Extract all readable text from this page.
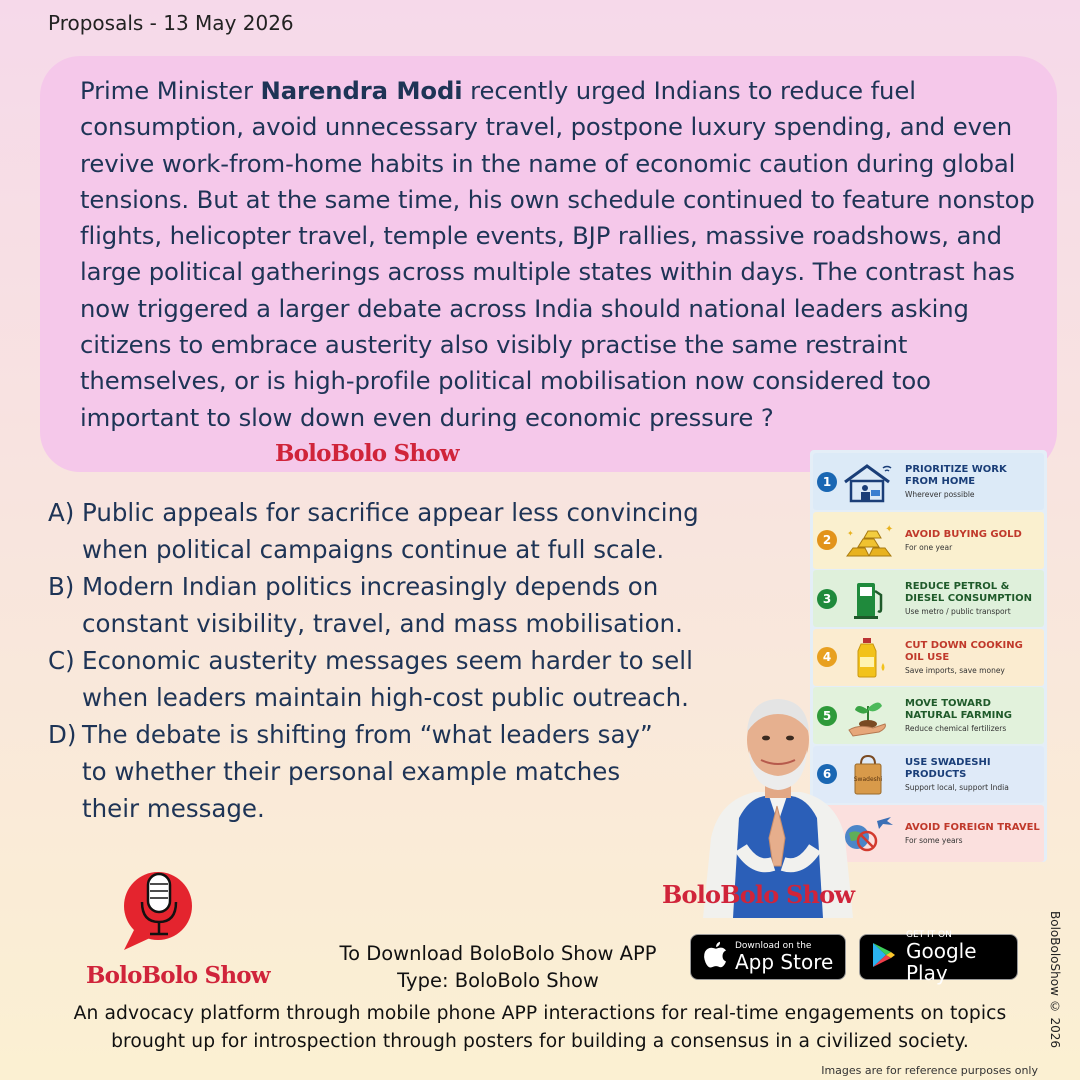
Proposals - 13 May 2026

Prime Minister Narendra Modi recently urged Indians to reduce fuel consumption, avoid unnecessary travel, postpone luxury spending, and even revive work-from-home habits in the name of economic caution during global tensions. But at the same time, his own schedule continued to feature nonstop flights, helicopter travel, temple events, BJP rallies, massive roadshows, and large political gatherings across multiple states within days. The contrast has now triggered a larger debate across India should national leaders asking citizens to embrace austerity also visibly practise the same restraint themselves, or is high-profile political mobilisation now considered too important to slow down even during economic pressure ?

BoloBolo Show
A) Public appeals for sacrifice appear less convincing when political campaigns continue at full scale.
B) Modern Indian politics increasingly depends on constant visibility, travel, and mass mobilisation.
C) Economic austerity messages seem harder to sell when leaders maintain high-cost public outreach.
D) The debate is shifting from “what leaders say” to whether their personal example matches their message.
1
PRIORITIZE WORK FROM HOME
Wherever possible
2
✦
✦	AVOID BUYING GOLD
For one year
3
REDUCE PETROL & DIESEL CONSUMPTION
Use metro / public transport
4
CUT DOWN COOKING OIL USE
Save imports, save money
5
MOVE TOWARD NATURAL FARMING
Reduce chemical fertilizers
6	Swadeshi
USE SWADESHI PRODUCTS
Support local, support India
AVOID FOREIGN TRAVEL
For some years
BoloBolo Show
BoloBolo Show
To Download BoloBolo Show APP
Type: BoloBolo Show
Download on the
App Store
GET IT ON
Google Play
An advocacy platform through mobile phone APP interactions for real-time engagements on topics
brought up for introspection through posters for building a consensus in a civilized society.	BoloBoloShow © 2026
Images are for reference purposes only
